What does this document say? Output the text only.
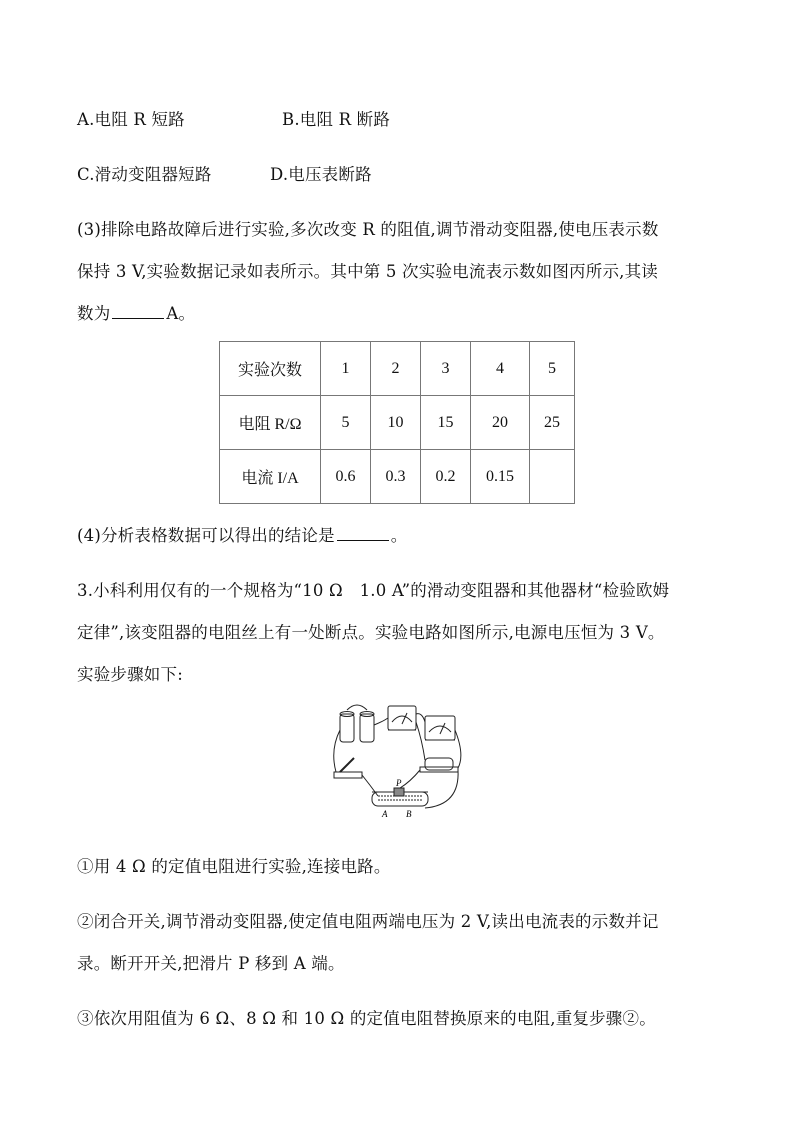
A.电阻 R 短路	B.电阻 R 断路
C.滑动变阻器短路	D.电压表断路
(3)排除电路故障后进行实验,多次改变 R 的阻值,调节滑动变阻器,使电压表示数
保持 3 V,实验数据记录如表所示。其中第 5 次实验电流表示数如图丙所示,其读
数为	A。
实验次数	1	2	3	4	5
电阻 R/Ω	5	10	15	20	25
电流 I/A	0.6	0.3	0.2	0.15	
(4)分析表格数据可以得出的结论是	。
3.小科利用仅有的一个规格为“10 Ω　1.0 A”的滑动变阻器和其他器材“检验欧姆
定律”,该变阻器的电阻丝上有一处断点。实验电路如图所示,电源电压恒为 3 V。
实验步骤如下:
P
A B
①用 4 Ω 的定值电阻进行实验,连接电路。
②闭合开关,调节滑动变阻器,使定值电阻两端电压为 2 V,读出电流表的示数并记
录。断开开关,把滑片 P 移到 A 端。
③依次用阻值为 6 Ω、8 Ω 和 10 Ω 的定值电阻替换原来的电阻,重复步骤②。
